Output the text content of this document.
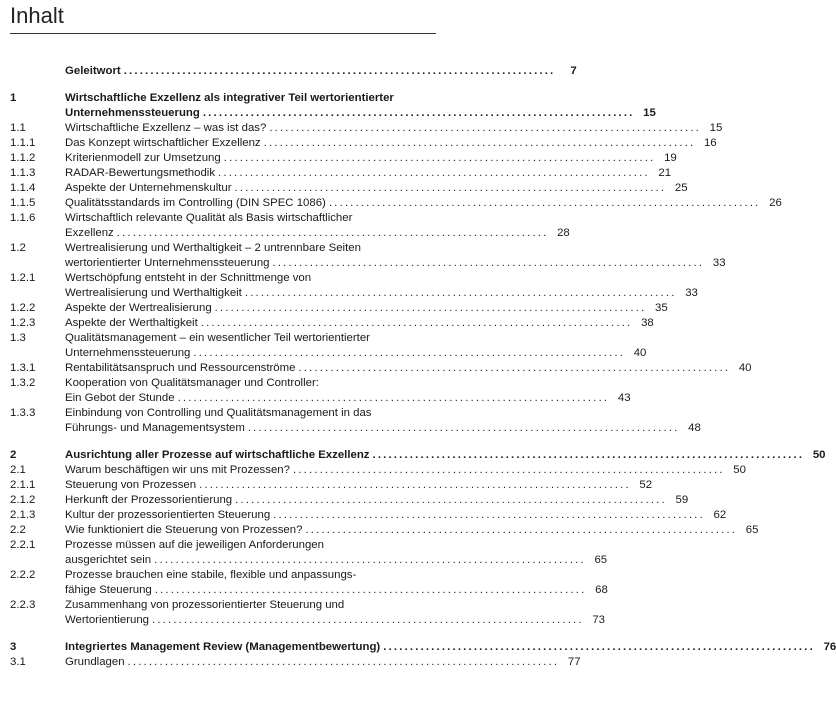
Inhalt
Geleitwort . . .	7
1	Wirtschaftliche Exzellenz als integrativer Teil wertorientierter
Unternehmenssteuerung . . .	15
1.1	Wirtschaftliche Exzellenz – was ist das? . . .	15
1.1.1	Das Konzept wirtschaftlicher Exzellenz . . .	16
1.1.2	Kriterienmodell zur Umsetzung . . .	19
1.1.3	RADAR-Bewertungsmethodik . . .	21
1.1.4	Aspekte der Unternehmenskultur . . .	25
1.1.5	Qualitätsstandards im Controlling (DIN SPEC 1086) . . .	26
1.1.6	Wirtschaftlich relevante Qualität als Basis wirtschaftlicher
Exzellenz . . .	28
1.2	Wertrealisierung und Werthaltigkeit – 2 untrennbare Seiten
wertorientierter Unternehmenssteuerung . . .	33
1.2.1	Wertschöpfung entsteht in der Schnittmenge von
Wertrealisierung und Werthaltigkeit . . .	33
1.2.2	Aspekte der Wertrealisierung . . .	35
1.2.3	Aspekte der Werthaltigkeit . . .	38
1.3	Qualitätsmanagement – ein wesentlicher Teil wertorientierter
Unternehmenssteuerung . . .	40
1.3.1	Rentabilitätsanspruch und Ressourcenströme . . .	40
1.3.2	Kooperation von Qualitätsmanager und Controller:
Ein Gebot der Stunde . . .	43
1.3.3	Einbindung von Controlling und Qualitätsmanagement in das
Führungs- und Managementsystem . . .	48
2	Ausrichtung aller Prozesse auf wirtschaftliche Exzellenz . . .	50
2.1	Warum beschäftigen wir uns mit Prozessen? . . .	50
2.1.1	Steuerung von Prozessen . . .	52
2.1.2	Herkunft der Prozessorientierung . . .	59
2.1.3	Kultur der prozessorientierten Steuerung . . .	62
2.2	Wie funktioniert die Steuerung von Prozessen? . . .	65
2.2.1	Prozesse müssen auf die jeweiligen Anforderungen
ausgerichtet sein . . .	65
2.2.2	Prozesse brauchen eine stabile, flexible und anpassungs-
fähige Steuerung . . .	68
2.2.3	Zusammenhang von prozessorientierter Steuerung und
Wertorientierung . . .	73
3	Integriertes Management Review (Managementbewertung) . . .	76
3.1	Grundlagen . . .	77
